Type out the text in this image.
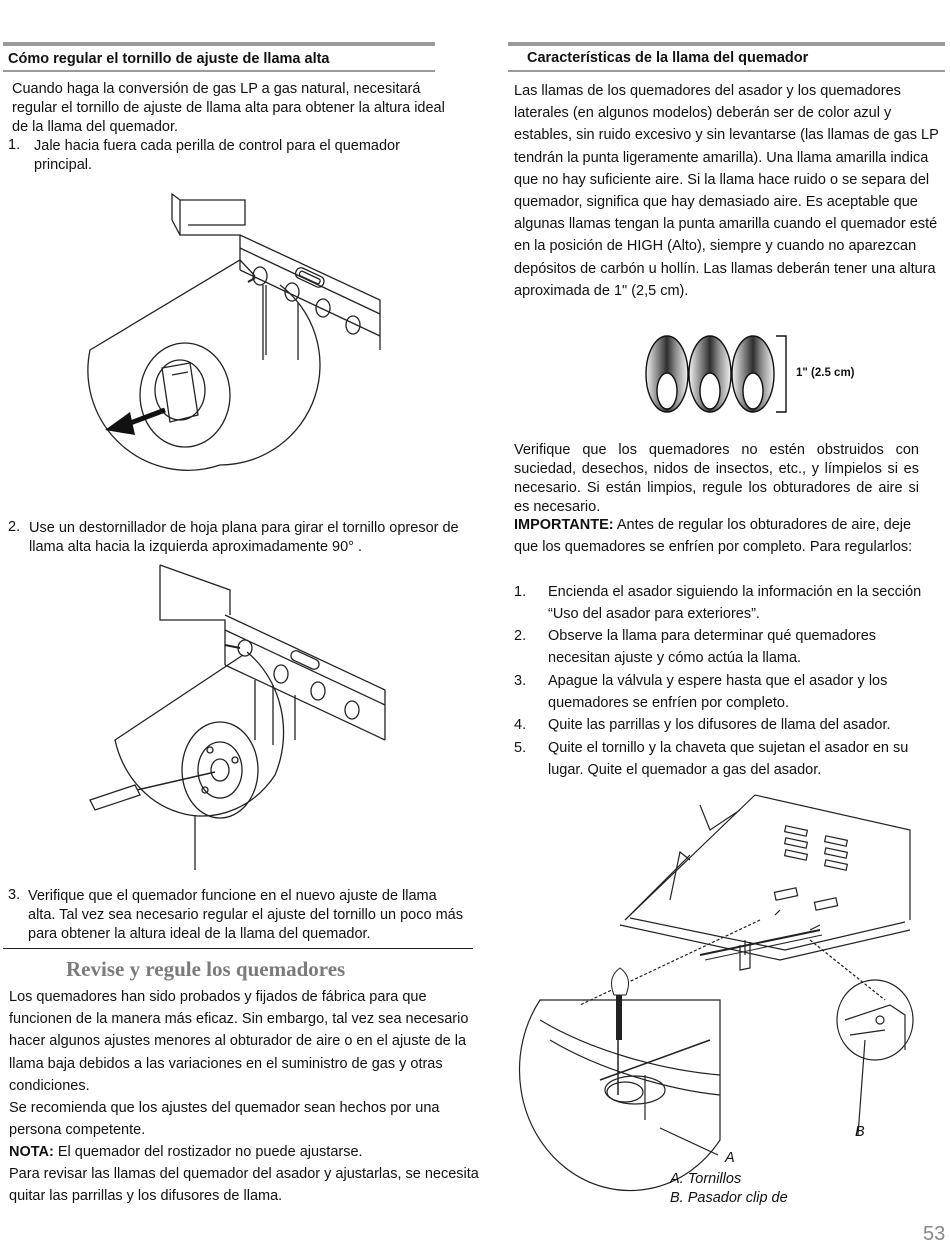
Cómo regular el tornillo de ajuste de llama alta
Cuando haga la conversión de gas LP a gas natural, necesitará regular el tornillo de ajuste de llama alta para obtener la altura ideal de la llama del quemador.
1. Jale hacia fuera cada perilla de control para el quemador principal.
2. Use un destornillador de hoja plana para girar el tornillo opresor de llama alta hacia la izquierda aproximadamente 90° .
3. Verifique que el quemador funcione en el nuevo ajuste de llama alta. Tal vez sea necesario regular el ajuste del tornillo un poco más para obtener la altura ideal de la llama del quemador.
Revise y regule los quemadores
Los quemadores han sido probados y fijados de fábrica para que funcionen de la manera más eficaz. Sin embargo, tal vez sea necesario hacer algunos ajustes menores al obturador de aire o en el ajuste de la llama baja debidos a las variaciones en el suministro de gas y otras condiciones.
Se recomienda que los ajustes del quemador sean hechos por una persona competente.
NOTA: El quemador del rostizador no puede ajustarse.
Para revisar las llamas del quemador del asador y ajustarlas, se necesita quitar las parrillas y los difusores de llama.
Características de la llama del quemador
Las llamas de los quemadores del asador y los quemadores laterales (en algunos modelos) deberán ser de color azul y estables, sin ruido excesivo y sin levantarse (las llamas de gas LP tendrán la punta ligeramente amarilla). Una llama amarilla indica que no hay suficiente aire. Si la llama hace ruido o se separa del quemador, significa que hay demasiado aire. Es aceptable que algunas llamas tengan la punta amarilla cuando el quemador esté en la posición de HIGH (Alto), siempre y cuando no aparezcan depósitos de carbón u hollín. Las llamas deberán tener una altura aproximada de 1" (2,5 cm).
1" (2.5 cm)
Verifique que los quemadores no estén obstruidos con suciedad, desechos, nidos de insectos, etc., y límpielos si es necesario. Si están limpios, regule los obturadores de aire si es necesario.
IMPORTANTE: Antes de regular los obturadores de aire, deje que los quemadores se enfríen por completo. Para regularlos:
1. Encienda el asador siguiendo la información en la sección “Uso del asador para exteriores”.
2. Observe la llama para determinar qué quemadores necesitan ajuste y cómo actúa la llama.
3. Apague la válvula y espere hasta que el asador y los quemadores se enfríen por completo.
4. Quite las parrillas y los difusores de llama del asador.
5. Quite el tornillo y la chaveta que sujetan el asador en su lugar. Quite el quemador a gas del asador.
A
B
A. Tornillos
B. Pasador clip de
53
